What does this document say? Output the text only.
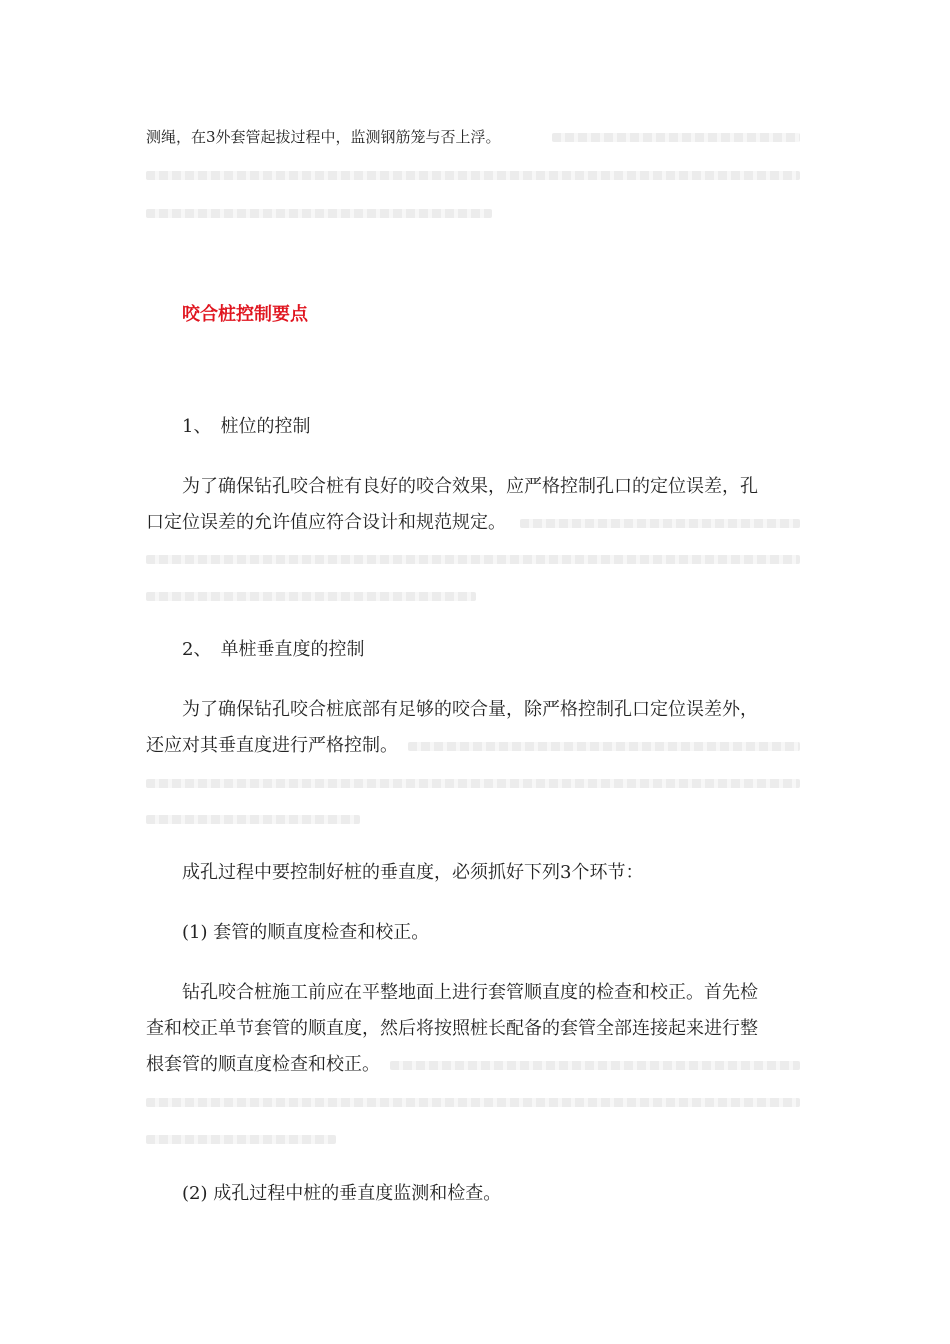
测绳，在3外套管起拔过程中，监测钢筋笼与否上浮。
咬合桩控制要点
1、　桩位的控制
为了确保钻孔咬合桩有良好的咬合效果，应严格控制孔口的定位误差，孔
口定位误差的允许值应符合设计和规范规定。
2、　单桩垂直度的控制
为了确保钻孔咬合桩底部有足够的咬合量，除严格控制孔口定位误差外，
还应对其垂直度进行严格控制。
成孔过程中要控制好桩的垂直度，必须抓好下列3个环节：
(1) 套管的顺直度检查和校正。
钻孔咬合桩施工前应在平整地面上进行套管顺直度的检查和校正。首先检
查和校正单节套管的顺直度，然后将按照桩长配备的套管全部连接起来进行整
根套管的顺直度检查和校正。
(2) 成孔过程中桩的垂直度监测和检查。
